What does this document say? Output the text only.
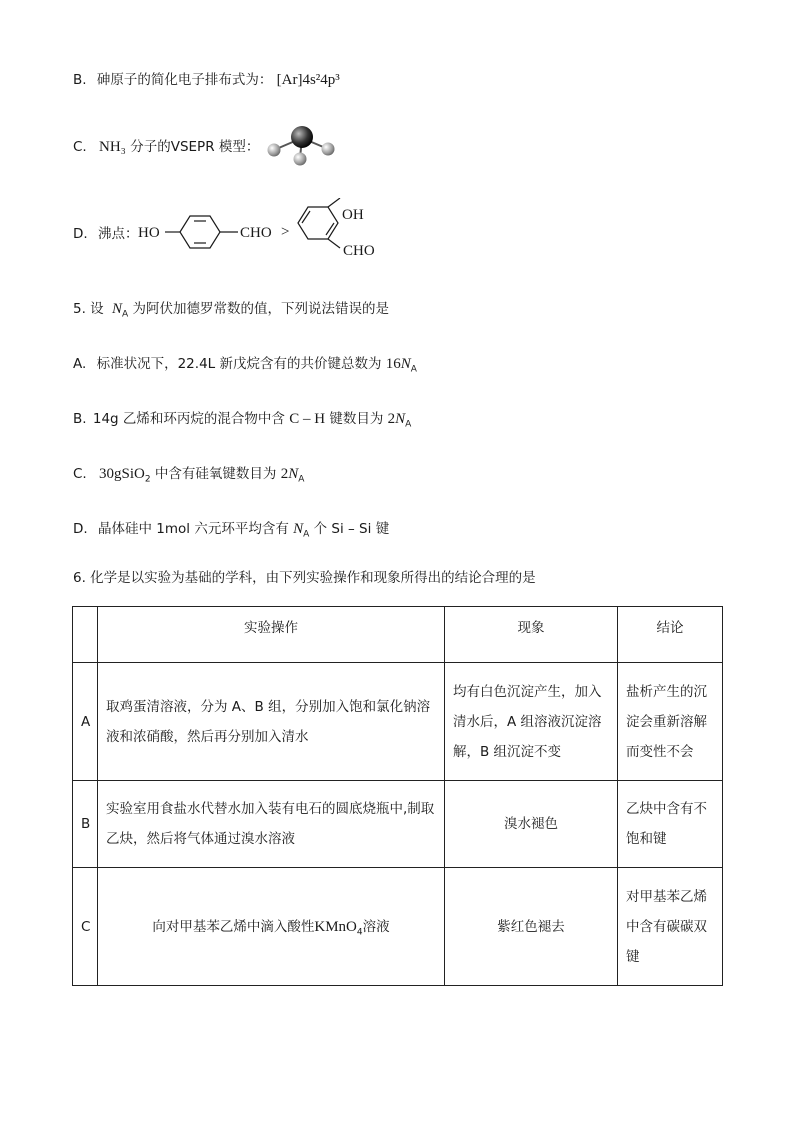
B. 砷原子的简化电子排布式为： [Ar]4s²4p³
C. NH₃ 分子的VSEPR 模型：
D. 沸点： HO	CHO >
OH
CHO
5. 设 $N_A$ 为阿伏加德罗常数的值，下列说法错误的是
A. 标准状况下，22.4L 新戊烷含有的共价键总数为 $16N_A$
B. 14g 乙烯和环丙烷的混合物中含 C – H 键数目为 $2N_A$
C. 30gSiO$_2$ 中含有硅氧键数目为 $2N_A$
D. 晶体硅中 1mol 六元环平均含有 $N_A$ 个 Si – Si 键
6. 化学是以实验为基础的学科，由下列实验操作和现象所得出的结论合理的是
	实验操作	现象	结论
A	取鸡蛋清溶液，分为 A、B 组，分别加入饱和氯化钠溶液和浓硝酸，然后再分别加入清水	均有白色沉淀产生，加入清水后，A 组溶液沉淀溶解，B 组沉淀不变	盐析产生的沉淀会重新溶解而变性不会
B	实验室用食盐水代替水加入装有电石的圆底烧瓶中,制取乙炔，然后将气体通过溴水溶液	溴水褪色	乙炔中含有不饱和键
C	向对甲基苯乙烯中滴入酸性KMnO$_4$溶液	紫红色褪去	对甲基苯乙烯中含有碳碳双键
